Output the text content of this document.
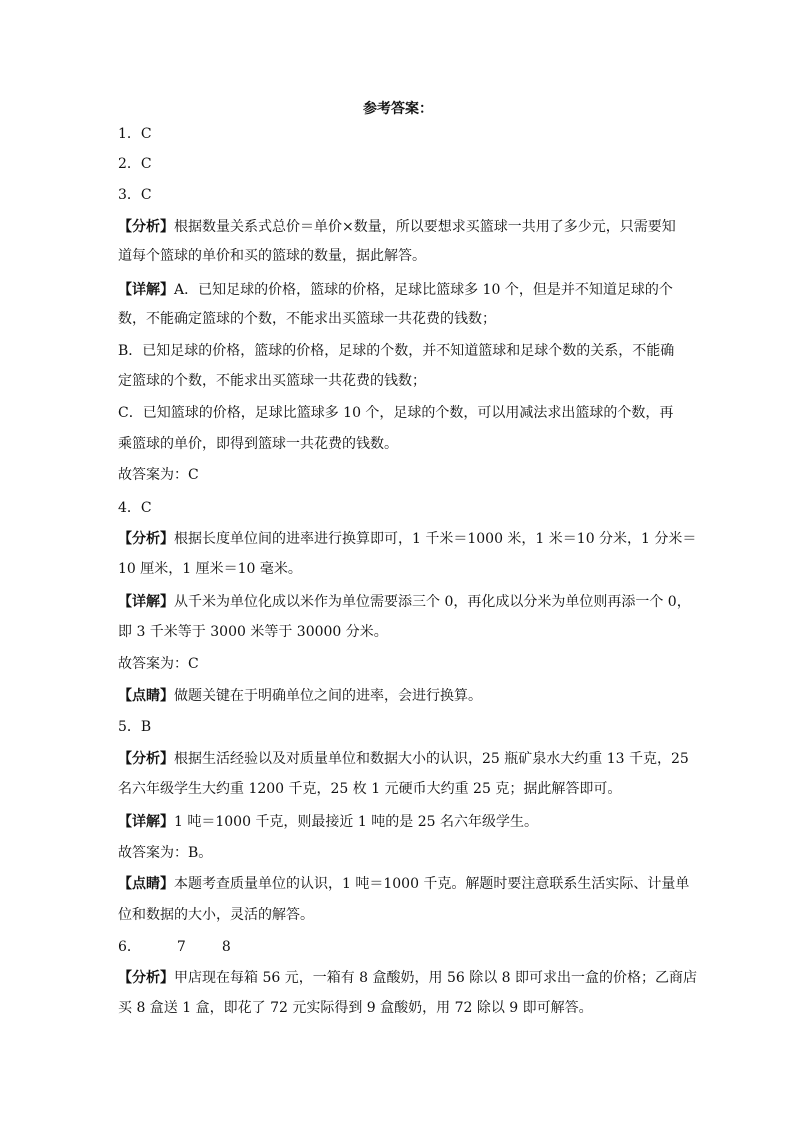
参考答案：
1．C
2．C
3．C
【分析】根据数量关系式总价＝单价×数量，所以要想求买篮球一共用了多少元，只需要知
道每个篮球的单价和买的篮球的数量，据此解答。
【详解】A．已知足球的价格，篮球的价格，足球比篮球多 10 个，但是并不知道足球的个
数，不能确定篮球的个数，不能求出买篮球一共花费的钱数；
B．已知足球的价格，篮球的价格，足球的个数，并不知道篮球和足球个数的关系，不能确
定篮球的个数，不能求出买篮球一共花费的钱数；
C．已知篮球的价格，足球比篮球多 10 个，足球的个数，可以用减法求出篮球的个数，再
乘篮球的单价，即得到篮球一共花费的钱数。
故答案为：C
4．C
【分析】根据长度单位间的进率进行换算即可，1 千米＝1000 米，1 米＝10 分米，1 分米＝
10 厘米，1 厘米＝10 毫米。
【详解】从千米为单位化成以米作为单位需要添三个 0，再化成以分米为单位则再添一个 0，
即 3 千米等于 3000 米等于 30000 分米。
故答案为：C
【点睛】做题关键在于明确单位之间的进率，会进行换算。
5．B
【分析】根据生活经验以及对质量单位和数据大小的认识，25 瓶矿泉水大约重 13 千克，25
名六年级学生大约重 1200 千克，25 枚 1 元硬币大约重 25 克；据此解答即可。
【详解】1 吨＝1000 千克，则最接近 1 吨的是 25 名六年级学生。
故答案为：B。
【点睛】本题考查质量单位的认识，1 吨＝1000 千克。解题时要注意联系生活实际、计量单
位和数据的大小，灵活的解答。
6．	7	8
【分析】甲店现在每箱 56 元，一箱有 8 盒酸奶，用 56 除以 8 即可求出一盒的价格；乙商店
买 8 盒送 1 盒，即花了 72 元实际得到 9 盒酸奶，用 72 除以 9 即可解答。
